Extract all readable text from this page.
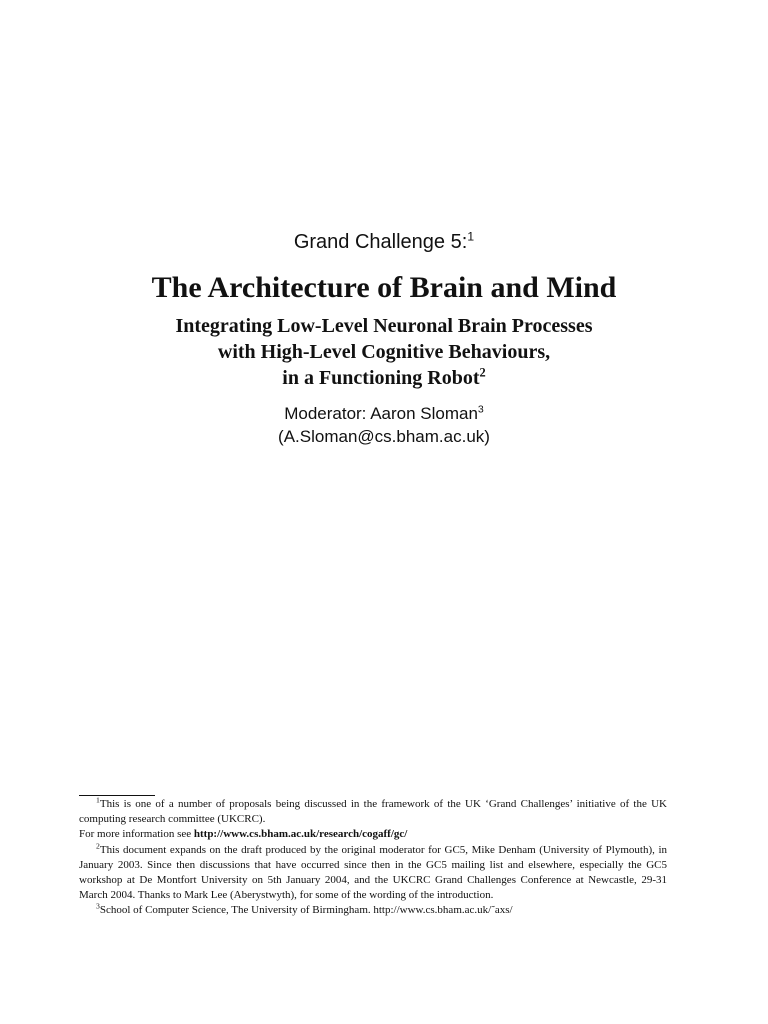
Grand Challenge 5:$^1$
The Architecture of Brain and Mind
Integrating Low-Level Neuronal Brain Processes
with High-Level Cognitive Behaviours,
in a Functioning Robot$^2$
Moderator: Aaron Sloman$^3$
(A.Sloman@cs.bham.ac.uk)

$^1$This is one of a number of proposals being discussed in the framework of the UK ‘Grand Challenges’ initiative of the UK computing research committee (UKCRC).

For more information see http://www.cs.bham.ac.uk/research/cogaff/gc/

$^2$This document expands on the draft produced by the original moderator for GC5, Mike Denham (University of Plymouth), in January 2003. Since then discussions that have occurred since then in the GC5 mailing list and elsewhere, especially the GC5 workshop at De Montfort University on 5th January 2004, and the UKCRC Grand Challenges Conference at Newcastle, 29-31 March 2004. Thanks to Mark Lee (Aberystwyth), for some of the wording of the introduction.

$^3$School of Computer Science, The University of Birmingham. http://www.cs.bham.ac.uk/˜axs/
